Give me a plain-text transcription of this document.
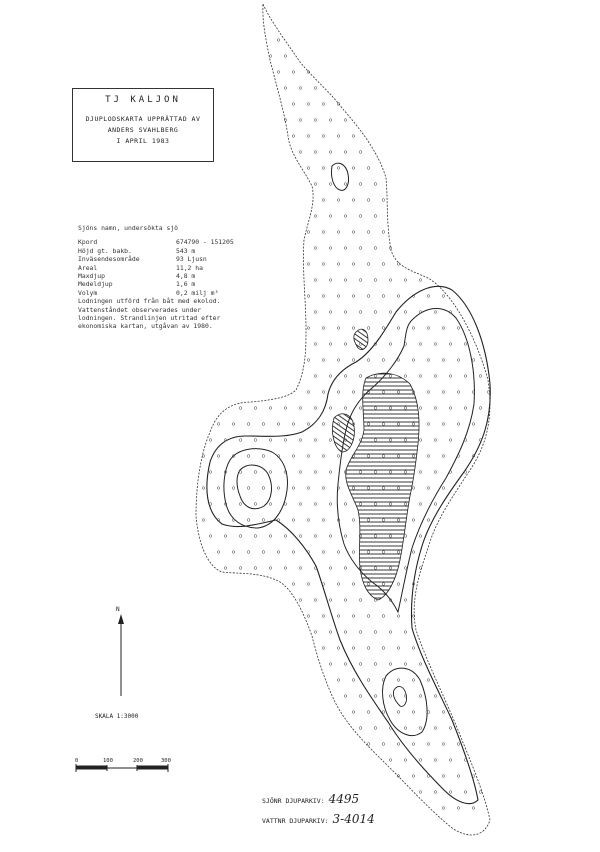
TJ KALJON
DJUPLODSKARTA UPPRÄTTAD AV
ANDERS SVAHLBERG
I APRIL 1983
Sjöns namn, undersökta sjö
Kpord	674790 - 151205
Höjd gt. bakb.	543 m
Inväsendesområde	93 Ljusn
Areal	11,2 ha
Maxdjup	4,8 m
Medeldjup	1,6 m
Volym	0,2 milj m³
Lodningen utförd från båt med ekolod.
Vattenståndet observerades under
lodningen. Strandlinjen utritad efter
ekonomiska kartan, utgåvan av 1980.
N
SKALA 1:3000
0	100	200	300
SJÖNR DJUPARKIV: 4495
VATTNR DJUPARKIV: 3-4014
